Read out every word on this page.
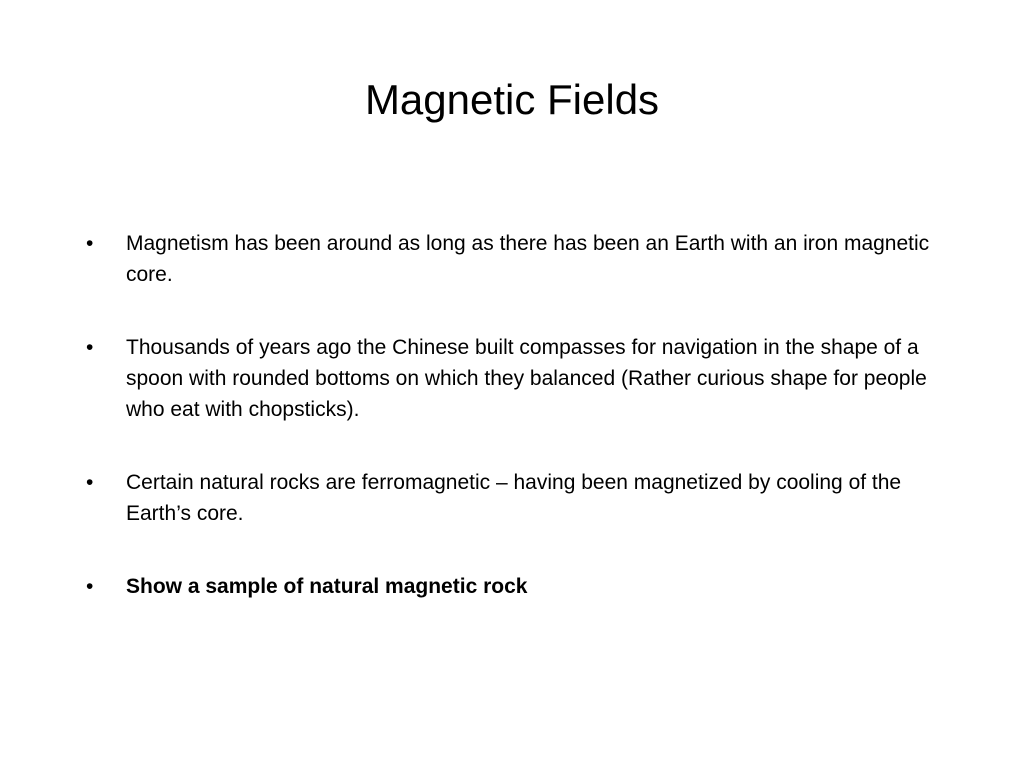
Magnetic Fields
•	Magnetism has been around as long as there has been an Earth with an iron magnetic core.
•	Thousands of years ago the Chinese built compasses for navigation in the shape of a spoon with rounded bottoms on which they balanced (Rather curious shape for people who eat with chopsticks).
•	Certain natural rocks are ferromagnetic – having been magnetized by cooling of the Earth’s core.
•	Show a sample of natural magnetic rock
